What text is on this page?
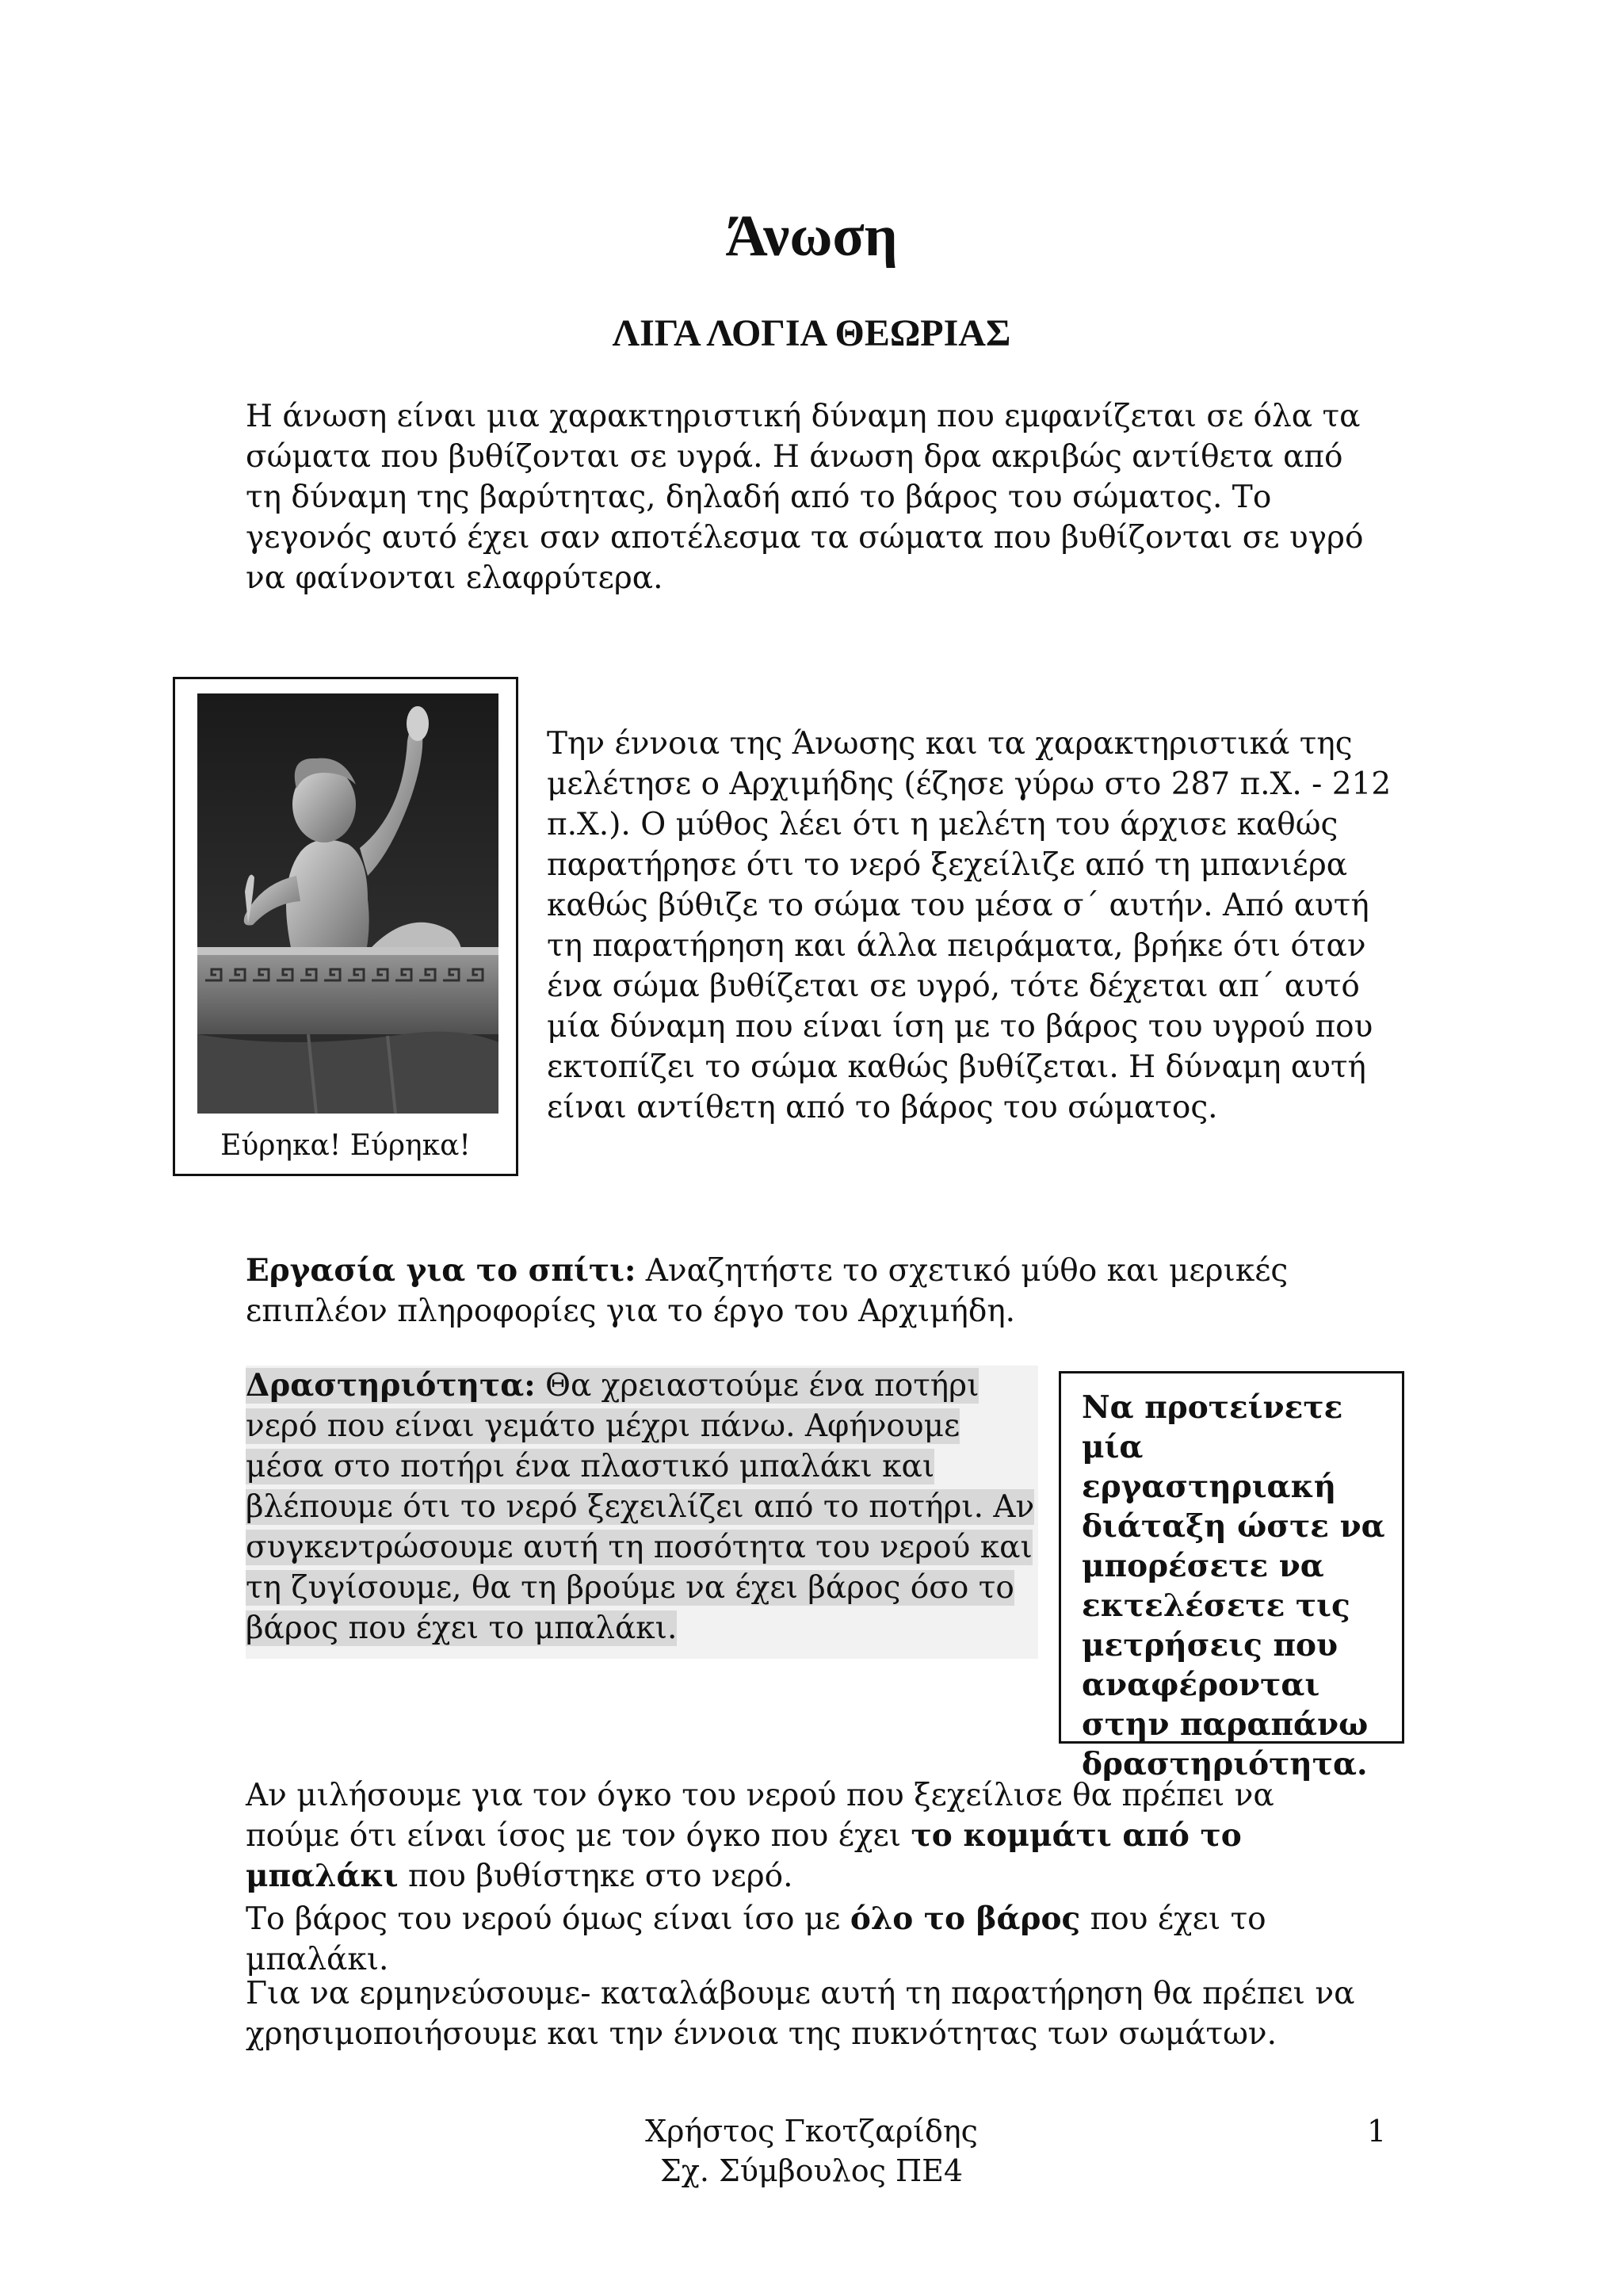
Άνωση
ΛΙΓΑ ΛΟΓΙΑ ΘΕΩΡΙΑΣ
Η άνωση είναι μια χαρακτηριστική δύναμη που εμφανίζεται σε όλα τα σώματα που βυθίζονται σε υγρά. Η άνωση δρα ακριβώς αντίθετα από τη δύναμη της βαρύτητας, δηλαδή από το βάρος του σώματος. Το γεγονός αυτό έχει σαν αποτέλεσμα τα σώματα που βυθίζονται σε υγρό να φαίνονται ελαφρύτερα.
Εύρηκα! Εύρηκα!
Την έννοια της Άνωσης και τα χαρακτηριστικά της μελέτησε ο Αρχιμήδης (έζησε γύρω στο 287 π.Χ. - 212 π.Χ.). Ο μύθος λέει ότι η μελέτη του άρχισε καθώς παρατήρησε ότι το νερό ξεχείλιζε από τη μπανιέρα καθώς βύθιζε το σώμα του μέσα σ΄ αυτήν. Από αυτή τη παρατήρηση και άλλα πειράματα, βρήκε ότι όταν ένα σώμα βυθίζεται σε υγρό, τότε δέχεται απ΄ αυτό μία δύναμη που είναι ίση με το βάρος του υγρού που εκτοπίζει το σώμα καθώς βυθίζεται. Η δύναμη αυτή είναι αντίθετη από το βάρος του σώματος.
Εργασία για το σπίτι: Αναζητήστε το σχετικό μύθο και μερικές επιπλέον πληροφορίες για το έργο του Αρχιμήδη.
Δραστηριότητα: Θα χρειαστούμε ένα ποτήρι νερό που είναι γεμάτο μέχρι πάνω. Αφήνουμε μέσα στο ποτήρι ένα πλαστικό μπαλάκι και βλέπουμε ότι το νερό ξεχειλίζει από το ποτήρι. Αν συγκεντρώσουμε αυτή τη ποσότητα του νερού και τη ζυγίσουμε, θα τη βρούμε να έχει βάρος όσο το βάρος που έχει το μπαλάκι.
Να προτείνετε μία εργαστηριακή διάταξη ώστε να μπορέσετε να εκτελέσετε τις μετρήσεις που αναφέρονται στην παραπάνω δραστηριότητα.
Αν μιλήσουμε για τον όγκο του νερού που ξεχείλισε θα πρέπει να πούμε ότι είναι ίσος με τον όγκο που έχει το κομμάτι από το μπαλάκι που βυθίστηκε στο νερό.
Το βάρος του νερού όμως είναι ίσο με όλο το βάρος που έχει το μπαλάκι.
Για να ερμηνεύσουμε- καταλάβουμε αυτή τη παρατήρηση θα πρέπει να χρησιμοποιήσουμε και την έννοια της πυκνότητας των σωμάτων.
Χρήστος Γκοτζαρίδης
Σχ. Σύμβουλος ΠΕ4
1
